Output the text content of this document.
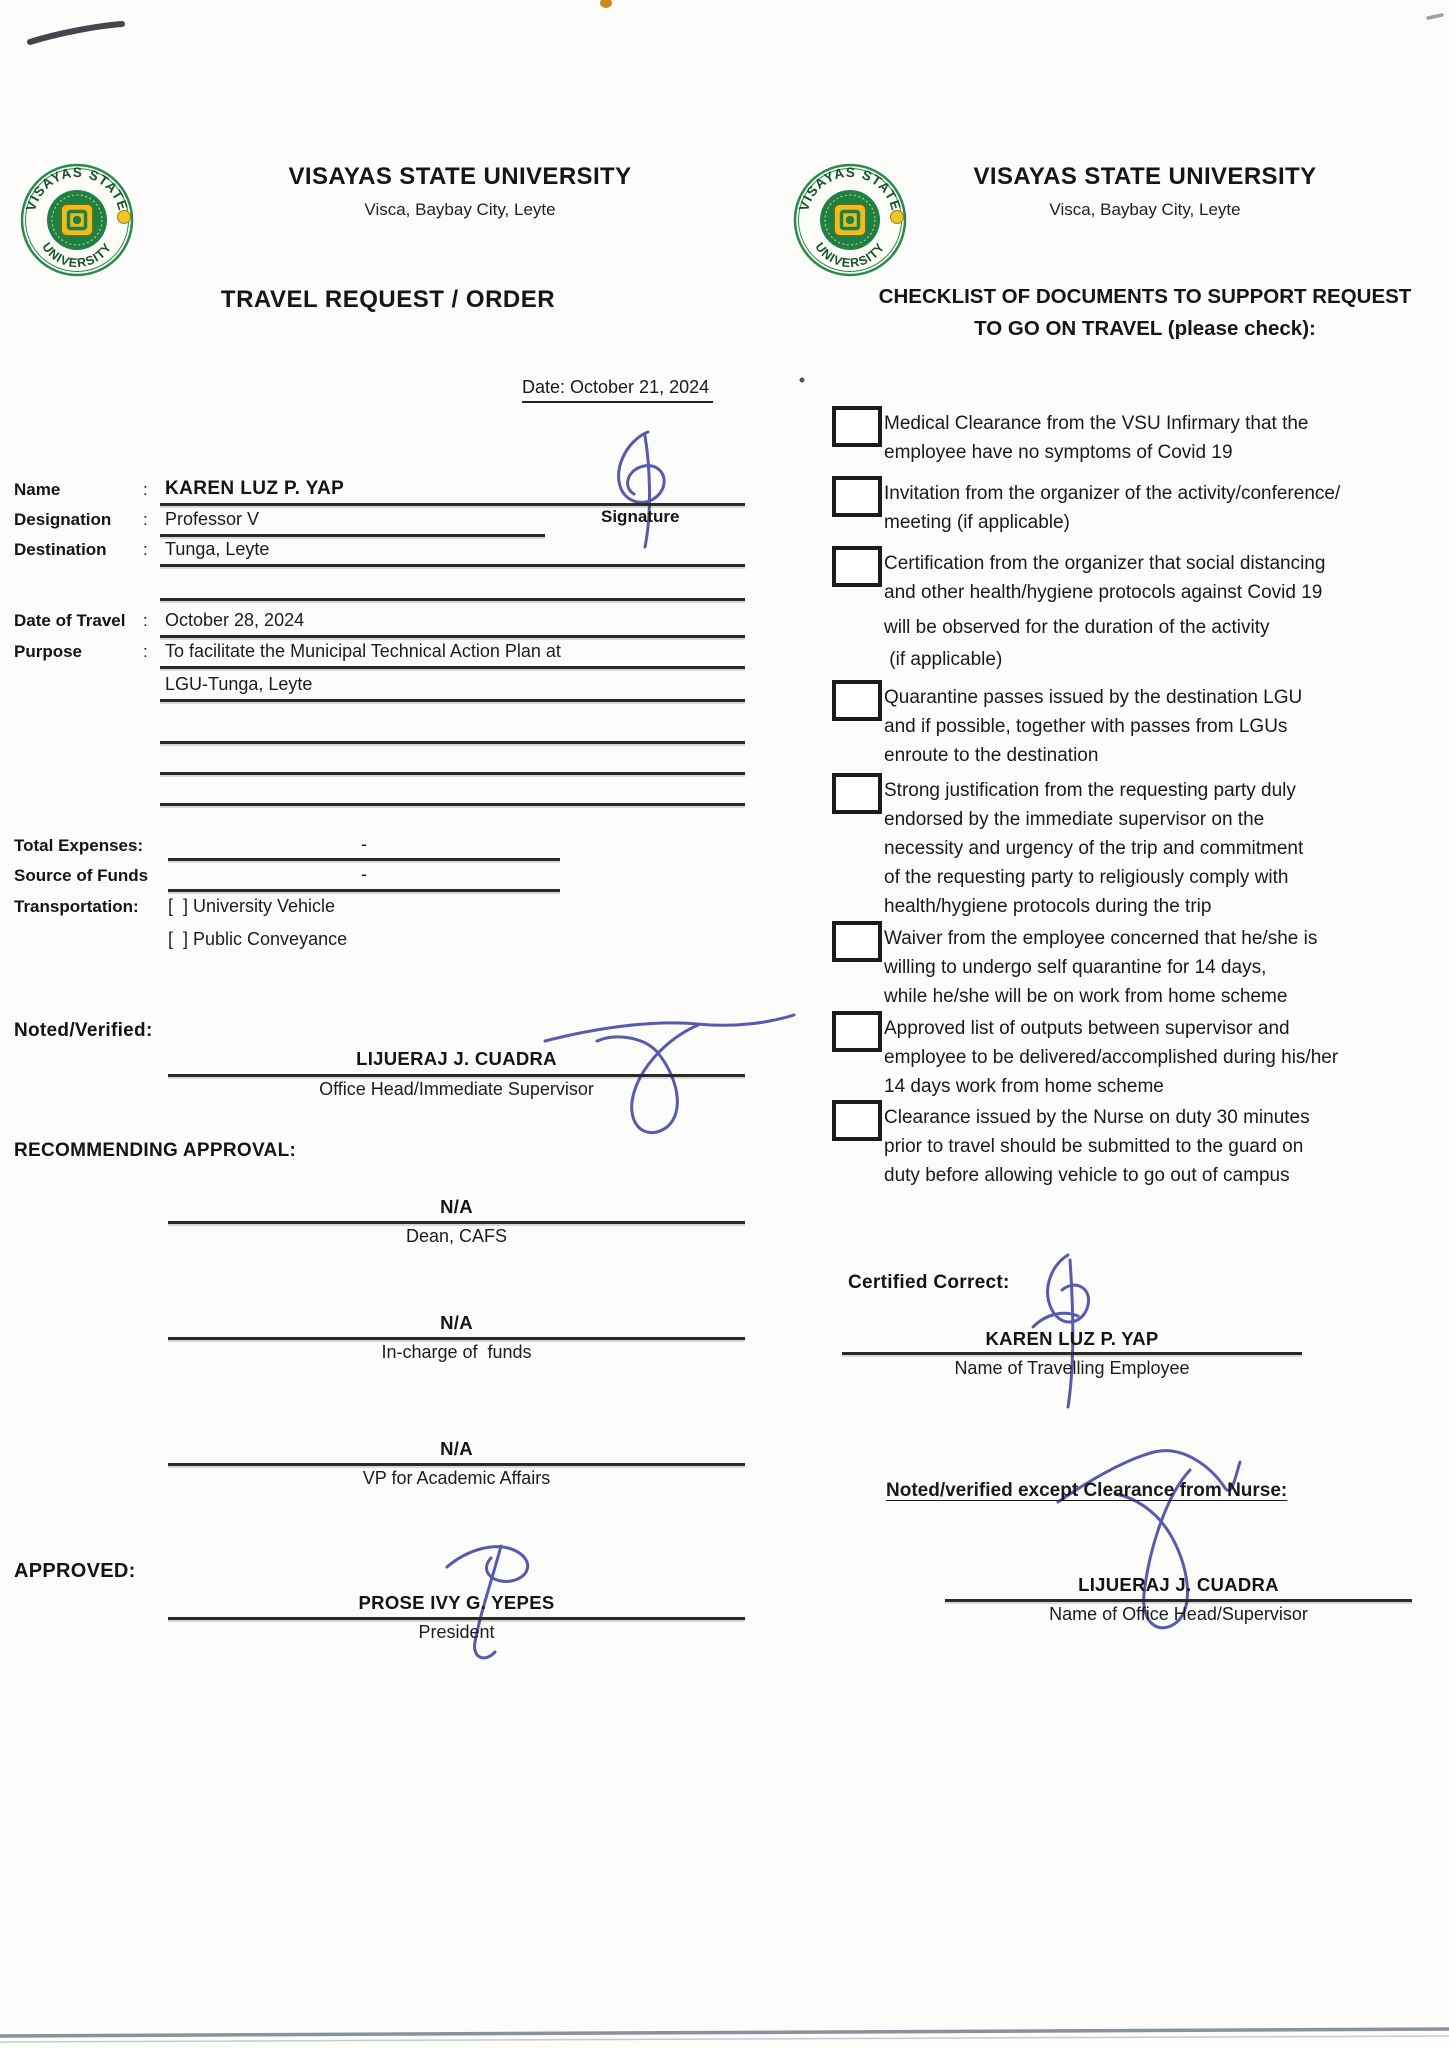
VISAYAS STATE UNIVERSITY
Visca, Baybay City, Leyte
TRAVEL REQUEST / ORDER
Date: October 21, 2024
Name	: KAREN LUZ P. YAP
Designation : Professor V	Signature
Destination : Tunga, Leyte
Date of Travel : October 28, 2024
Purpose	: To facilitate the Municipal Technical Action Plan at
LGU-Tunga, Leyte
Total Expenses:	-
Source of Funds	-
Transportation: [  ] University Vehicle
[  ] Public Conveyance
Noted/Verified:
LIJUERAJ J. CUADRA
Office Head/Immediate Supervisor
RECOMMENDING APPROVAL:
N/A
Dean, CAFS
N/A
In-charge of  funds
N/A
VP for Academic Affairs
APPROVED:
PROSE IVY G. YEPES
President
VISAYAS STATE UNIVERSITY
Visca, Baybay City, Leyte
CHECKLIST OF DOCUMENTS TO SUPPORT REQUEST
TO GO ON TRAVEL (please check):
Medical Clearance from the VSU Infirmary that the
employee have no symptoms of Covid 19
Invitation from the organizer of the activity/conference/
meeting (if applicable)
Certification from the organizer that social distancing
and other health/hygiene protocols against Covid 19
will be observed for the duration of the activity
(if applicable)
Quarantine passes issued by the destination LGU
and if possible, together with passes from LGUs
enroute to the destination
Strong justification from the requesting party duly
endorsed by the immediate supervisor on the
necessity and urgency of the trip and commitment
of the requesting party to religiously comply with
health/hygiene protocols during the trip
Waiver from the employee concerned that he/she is
willing to undergo self quarantine for 14 days,
while he/she will be on work from home scheme
Approved list of outputs between supervisor and
employee to be delivered/accomplished during his/her
14 days work from home scheme
Clearance issued by the Nurse on duty 30 minutes
prior to travel should be submitted to the guard on
duty before allowing vehicle to go out of campus
Certified Correct:
KAREN LUZ P. YAP
Name of Travelling Employee
Noted/verified except Clearance from Nurse:
LIJUERAJ J. CUADRA
Name of Office Head/Supervisor
